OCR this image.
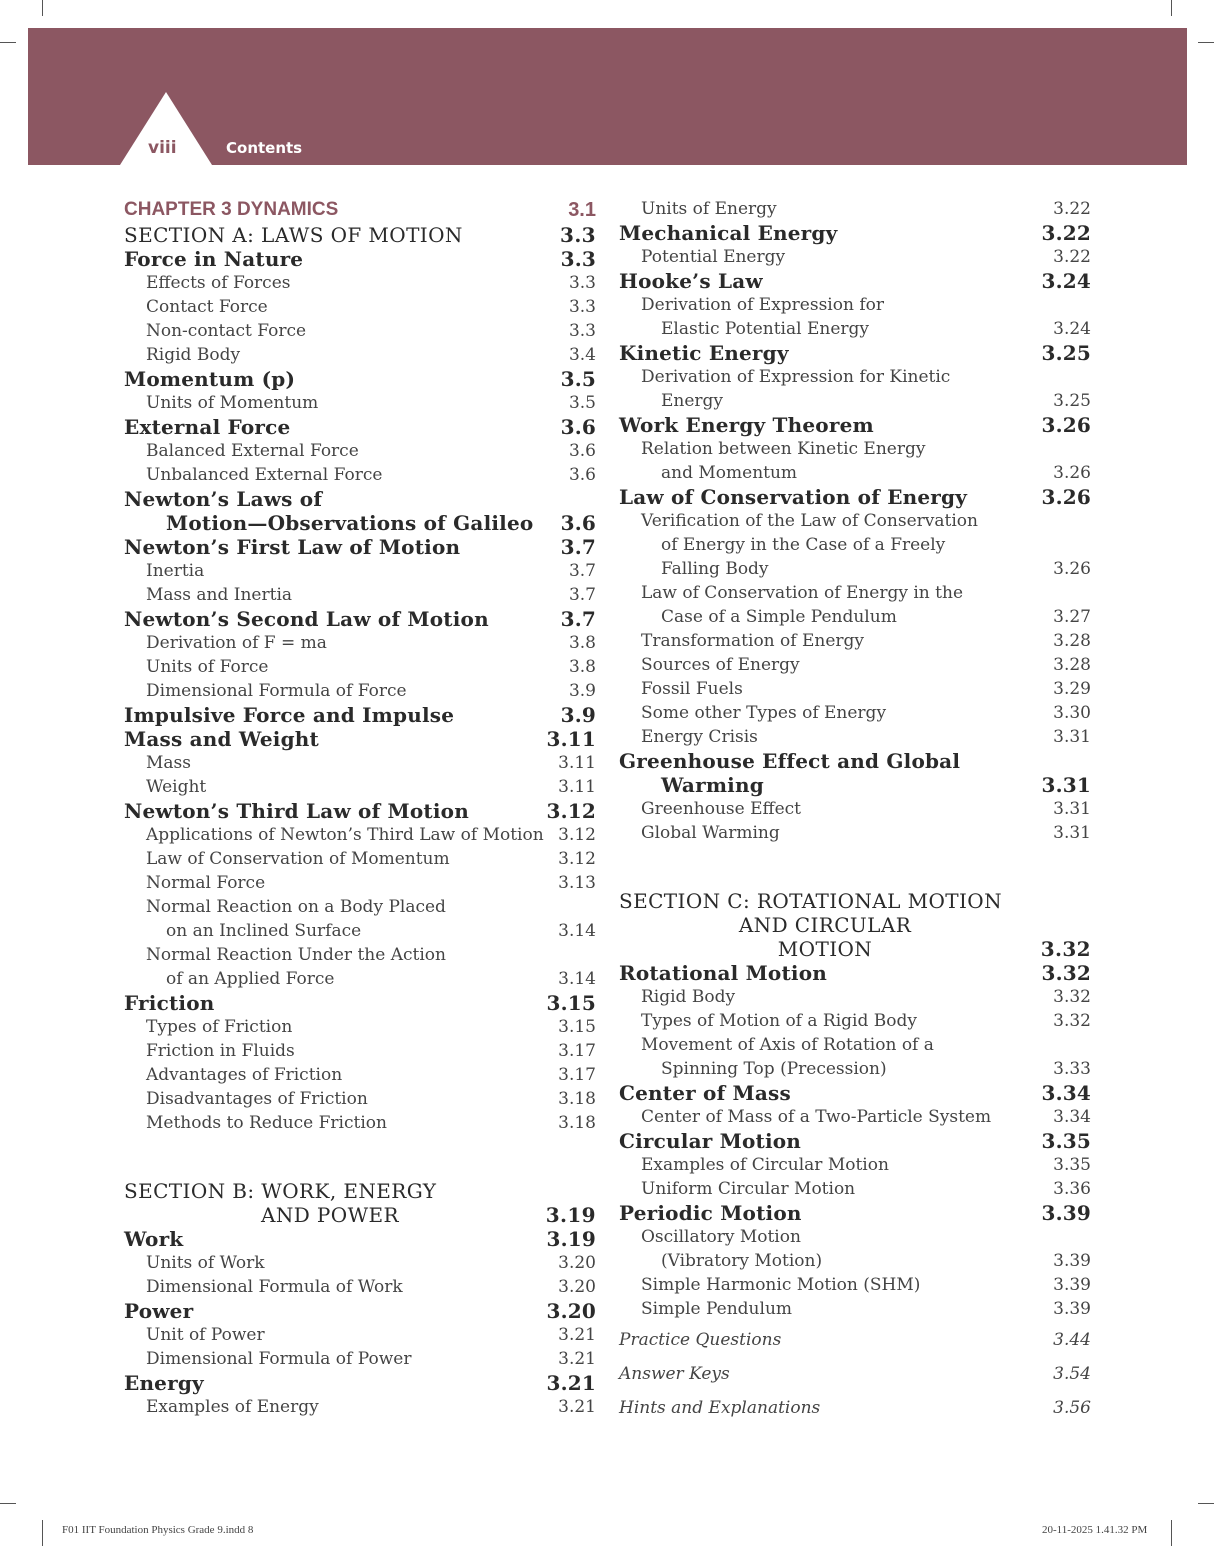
viii	Contents
CHAPTER 3 DYNAMICS	3.1
SECTION A: LAWS OF MOTION	3.3
Force in Nature	3.3
Effects of Forces	3.3
Contact Force	3.3
Non-contact Force	3.3
Rigid Body	3.4
Momentum (p)	3.5
Units of Momentum	3.5
External Force	3.6
Balanced External Force	3.6
Unbalanced External Force	3.6
Newton’s Laws of
Motion—Observations of Galileo	3.6
Newton’s First Law of Motion	3.7
Inertia	3.7
Mass and Inertia	3.7
Newton’s Second Law of Motion	3.7
Derivation of F = ma	3.8
Units of Force	3.8
Dimensional Formula of Force	3.9
Impulsive Force and Impulse	3.9
Mass and Weight	3.11
Mass	3.11
Weight	3.11
Newton’s Third Law of Motion	3.12
Applications of Newton’s Third Law of Motion 3.12
Law of Conservation of Momentum	3.12
Normal Force	3.13
Normal Reaction on a Body Placed
on an Inclined Surface	3.14
Normal Reaction Under the Action
of an Applied Force	3.14
Friction	3.15
Types of Friction	3.15
Friction in Fluids	3.17
Advantages of Friction	3.17
Disadvantages of Friction	3.18
Methods to Reduce Friction	3.18
SECTION B: WORK, ENERGY
AND POWER	3.19
Work	3.19
Units of Work	3.20
Dimensional Formula of Work	3.20
Power	3.20
Unit of Power	3.21
Dimensional Formula of Power	3.21
Energy	3.21
Examples of Energy	3.21
Units of Energy	3.22
Mechanical Energy	3.22
Potential Energy	3.22
Hooke’s Law	3.24
Derivation of Expression for
Elastic Potential Energy	3.24
Kinetic Energy	3.25
Derivation of Expression for Kinetic
Energy	3.25
Work Energy Theorem	3.26
Relation between Kinetic Energy
and Momentum	3.26
Law of Conservation of Energy	3.26
Verification of the Law of Conservation
of Energy in the Case of a Freely
Falling Body	3.26
Law of Conservation of Energy in the
Case of a Simple Pendulum	3.27
Transformation of Energy	3.28
Sources of Energy	3.28
Fossil Fuels	3.29
Some other Types of Energy	3.30
Energy Crisis	3.31
Greenhouse Effect and Global
Warming	3.31
Greenhouse Effect	3.31
Global Warming	3.31
SECTION C: ROTATIONAL MOTION
AND CIRCULAR
MOTION	3.32
Rotational Motion	3.32
Rigid Body	3.32
Types of Motion of a Rigid Body	3.32
Movement of Axis of Rotation of a
Spinning Top (Precession)	3.33
Center of Mass	3.34
Center of Mass of a Two-Particle System	3.34
Circular Motion	3.35
Examples of Circular Motion	3.35
Uniform Circular Motion	3.36
Periodic Motion	3.39
Oscillatory Motion
(Vibratory Motion)	3.39
Simple Harmonic Motion (SHM)	3.39
Simple Pendulum	3.39
Practice Questions	3.44
Answer Keys	3.54
Hints and Explanations	3.56
F01 IIT Foundation Physics Grade 9.indd 8	20-11-2025 1.41.32 PM
